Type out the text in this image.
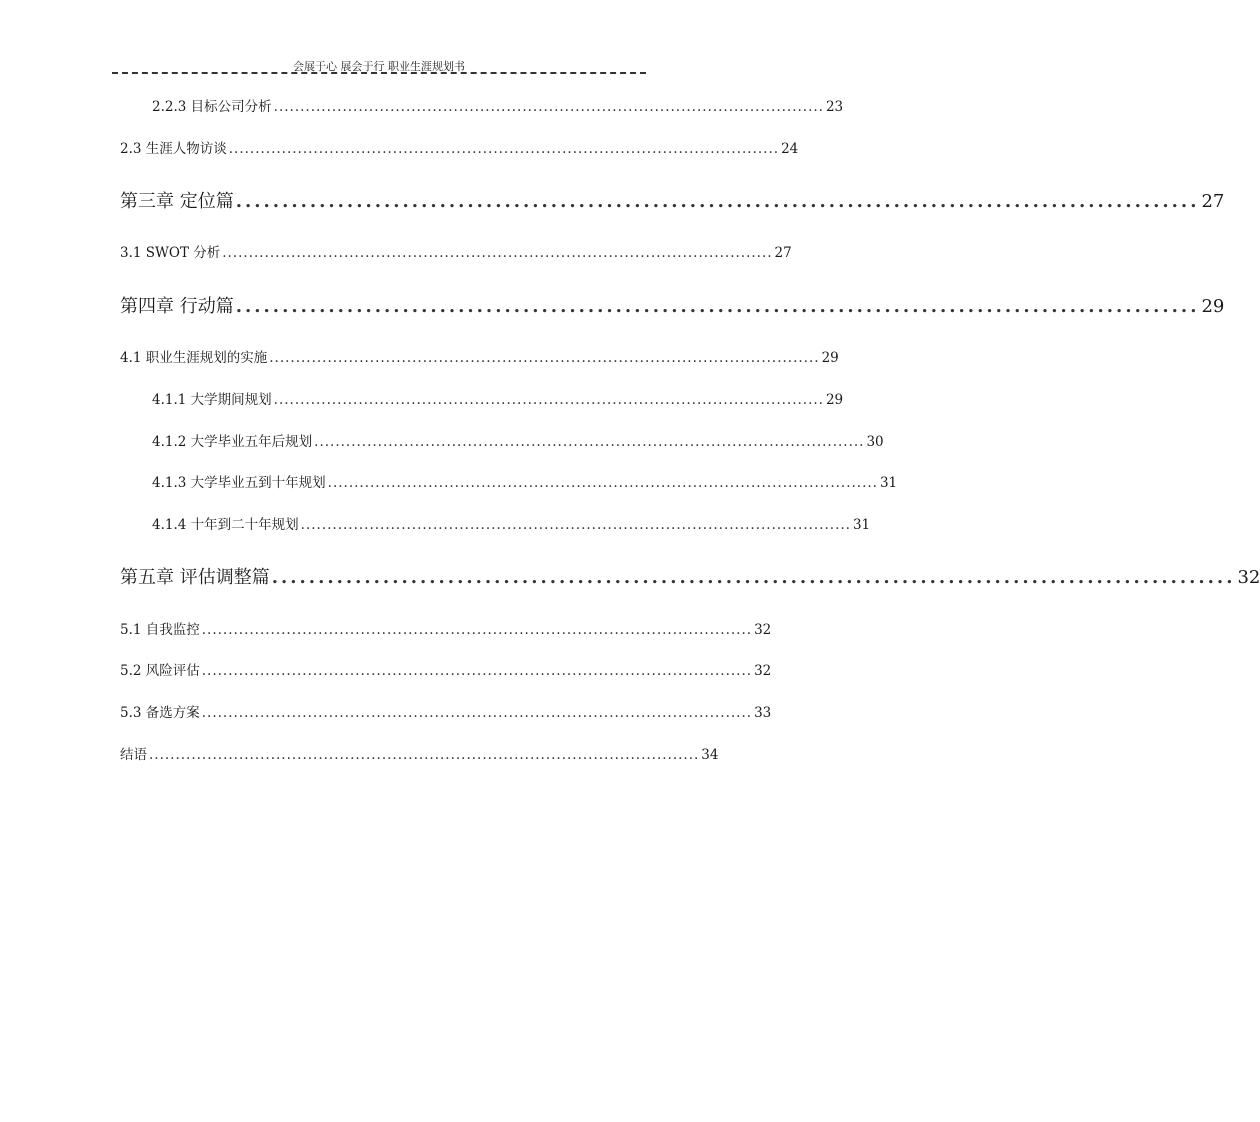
会展于心 展会于行 职业生涯规划书
2.2.3 目标公司分析 ........................................................................................................ 23
2.3 生涯人物访谈 ........................................................................................................ 24
第三章 定位篇 ........................................................................................................ 27
3.1 SWOT 分析 ........................................................................................................ 27
第四章 行动篇 ........................................................................................................ 29
4.1 职业生涯规划的实施 ........................................................................................................ 29
4.1.1 大学期间规划 ........................................................................................................ 29
4.1.2 大学毕业五年后规划 ........................................................................................................ 30
4.1.3 大学毕业五到十年规划 ........................................................................................................ 31
4.1.4 十年到二十年规划 ........................................................................................................ 31
第五章 评估调整篇 ........................................................................................................ 32
5.1 自我监控 ........................................................................................................ 32
5.2 风险评估 ........................................................................................................ 32
5.3 备选方案 ........................................................................................................ 33
结语 ........................................................................................................ 34
